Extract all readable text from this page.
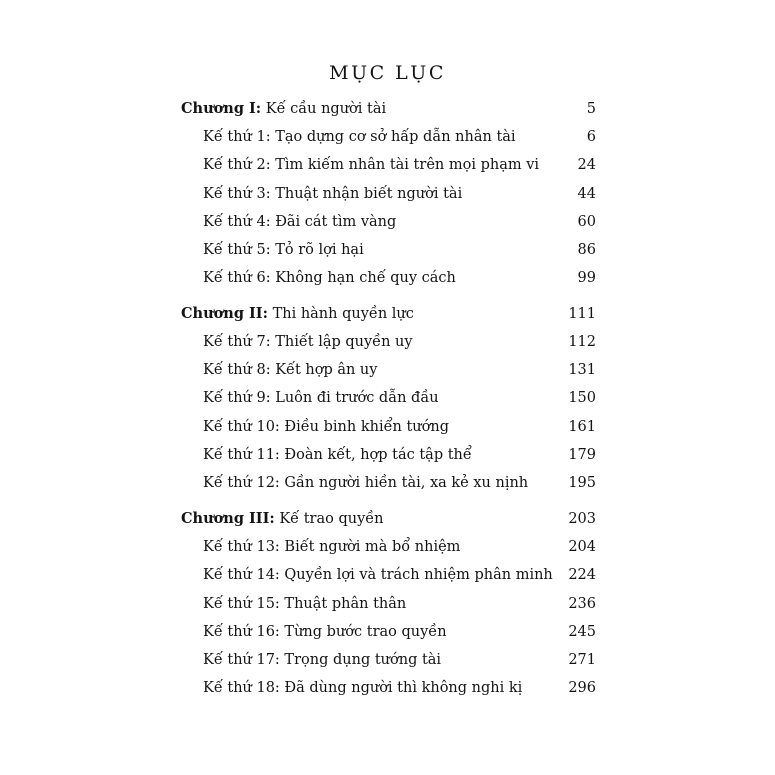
MỤC LỤC
Chương I: Kế cầu người tài	5
Kế thứ 1: Tạo dựng cơ sở hấp dẫn nhân tài	6
Kế thứ 2: Tìm kiếm nhân tài trên mọi phạm vi	24
Kế thứ 3: Thuật nhận biết người tài	44
Kế thứ 4: Đãi cát tìm vàng	60
Kế thứ 5: Tỏ rõ lợi hại	86
Kế thứ 6: Không hạn chế quy cách	99
Chương II: Thi hành quyền lực	111
Kế thứ 7: Thiết lập quyền uy	112
Kế thứ 8: Kết hợp ân uy	131
Kế thứ 9: Luôn đi trước dẫn đầu	150
Kế thứ 10: Điều binh khiển tướng	161
Kế thứ 11: Đoàn kết, hợp tác tập thể	179
Kế thứ 12: Gần người hiền tài, xa kẻ xu nịnh	195
Chương III: Kế trao quyền	203
Kế thứ 13: Biết người mà bổ nhiệm	204
Kế thứ 14: Quyền lợi và trách nhiệm phân minh 224
Kế thứ 15: Thuật phân thân	236
Kế thứ 16: Từng bước trao quyền	245
Kế thứ 17: Trọng dụng tướng tài	271
Kế thứ 18: Đã dùng người thì không nghi kị	296
